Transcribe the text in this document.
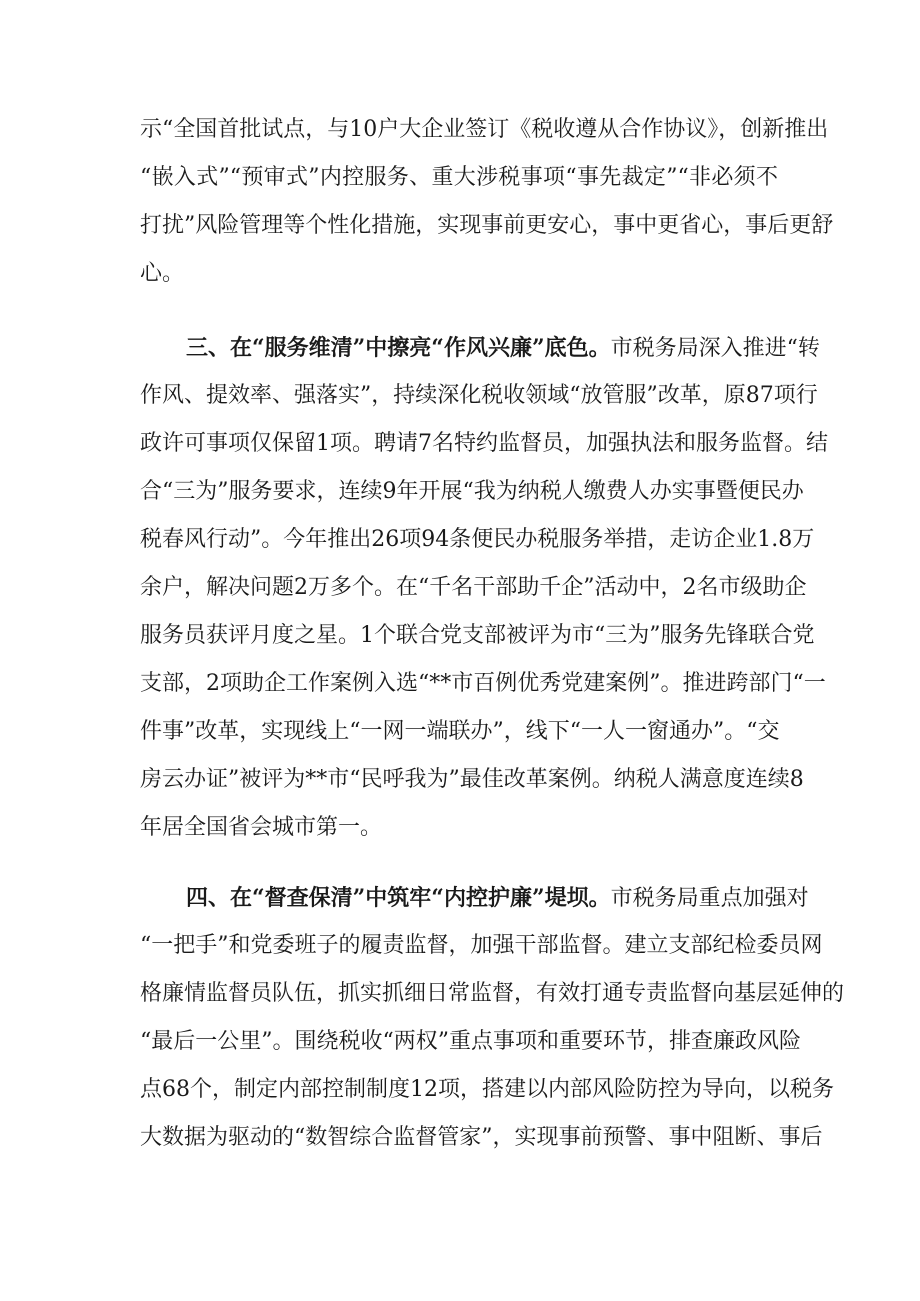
示“全国首批试点，与10户大企业签订《税收遵从合作协议》，创新推出
“嵌入式”“预审式”内控服务、重大涉税事项“事先裁定”“非必须不
打扰”风险管理等个性化措施，实现事前更安心，事中更省心，事后更舒
心。
三、在“服务维清”中擦亮“作风兴廉”底色。市税务局深入推进“转
作风、提效率、强落实”，持续深化税收领域“放管服”改革，原87项行
政许可事项仅保留1项。聘请7名特约监督员，加强执法和服务监督。结
合“三为”服务要求，连续9年开展“我为纳税人缴费人办实事暨便民办
税春风行动”。今年推出26项94条便民办税服务举措，走访企业1.8万
余户，解决问题2万多个。在“千名干部助千企”活动中，2名市级助企
服务员获评月度之星。1个联合党支部被评为市“三为”服务先锋联合党
支部，2项助企工作案例入选“**市百例优秀党建案例”。推进跨部门“一
件事”改革，实现线上“一网一端联办”，线下“一人一窗通办”。“交
房云办证”被评为**市“民呼我为”最佳改革案例。纳税人满意度连续8
年居全国省会城市第一。
四、在“督查保清”中筑牢“内控护廉”堤坝。市税务局重点加强对
“一把手”和党委班子的履责监督，加强干部监督。建立支部纪检委员网
格廉情监督员队伍，抓实抓细日常监督，有效打通专责监督向基层延伸的
“最后一公里”。围绕税收“两权”重点事项和重要环节，排查廉政风险
点68个，制定内部控制制度12项，搭建以内部风险防控为导向，以税务
大数据为驱动的“数智综合监督管家”，实现事前预警、事中阻断、事后
